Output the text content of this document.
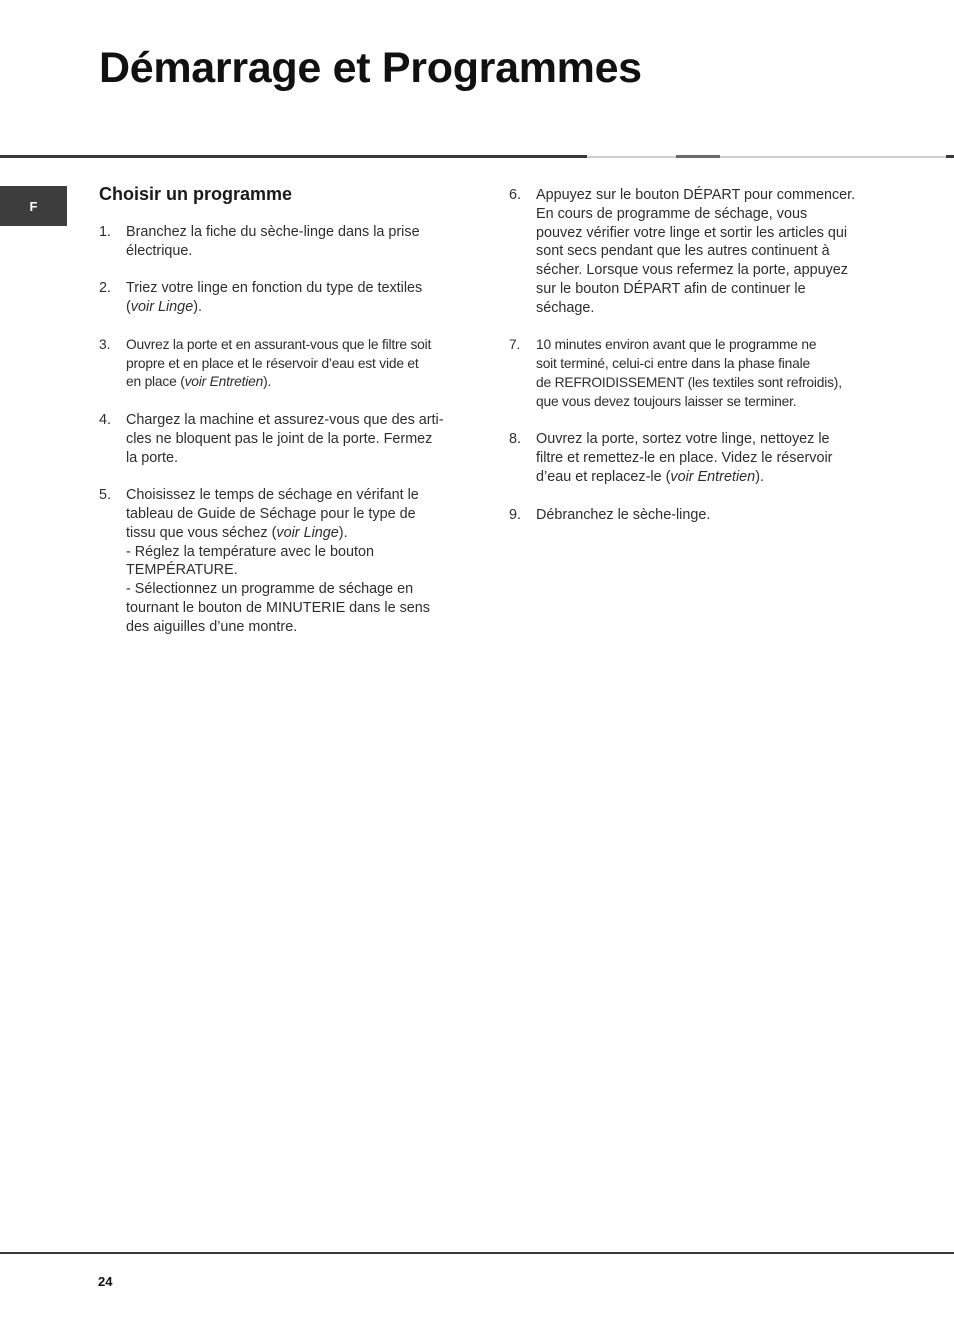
Démarrage et Programmes
F
Choisir un programme
1. Branchez la fiche du sèche-linge dans la prise
électrique.
2. Triez votre linge en fonction du type de textiles
(voir Linge).
3. Ouvrez la porte et en assurant-vous que le filtre soit
propre et en place et le réservoir d’eau est vide et
en place (voir Entretien).
4. Chargez la machine et assurez-vous que des arti-
cles ne bloquent pas le joint de la porte. Fermez
la porte.
5. Choisissez le temps de séchage en vérifant le
tableau de Guide de Séchage pour le type de
tissu que vous séchez (voir Linge).
- Réglez la température avec le bouton
TEMPÉRATURE.
- Sélectionnez un programme de séchage en
tournant le bouton de MINUTERIE dans le sens
des aiguilles d’une montre.
6. Appuyez sur le bouton DÉPART pour commencer.
En cours de programme de séchage, vous
pouvez vérifier votre linge et sortir les articles qui
sont secs pendant que les autres continuent à
sécher. Lorsque vous refermez la porte, appuyez
sur le bouton DÉPART afin de continuer le
séchage.
7. 10 minutes environ avant que le programme ne
soit terminé, celui-ci entre dans la phase finale
de REFROIDISSEMENT (les textiles sont refroidis),
que vous devez toujours laisser se terminer.
8. Ouvrez la porte, sortez votre linge, nettoyez le
filtre et remettez-le en place. Videz le réservoir
d’eau et replacez-le (voir Entretien).
9. Débranchez le sèche-linge.
24
